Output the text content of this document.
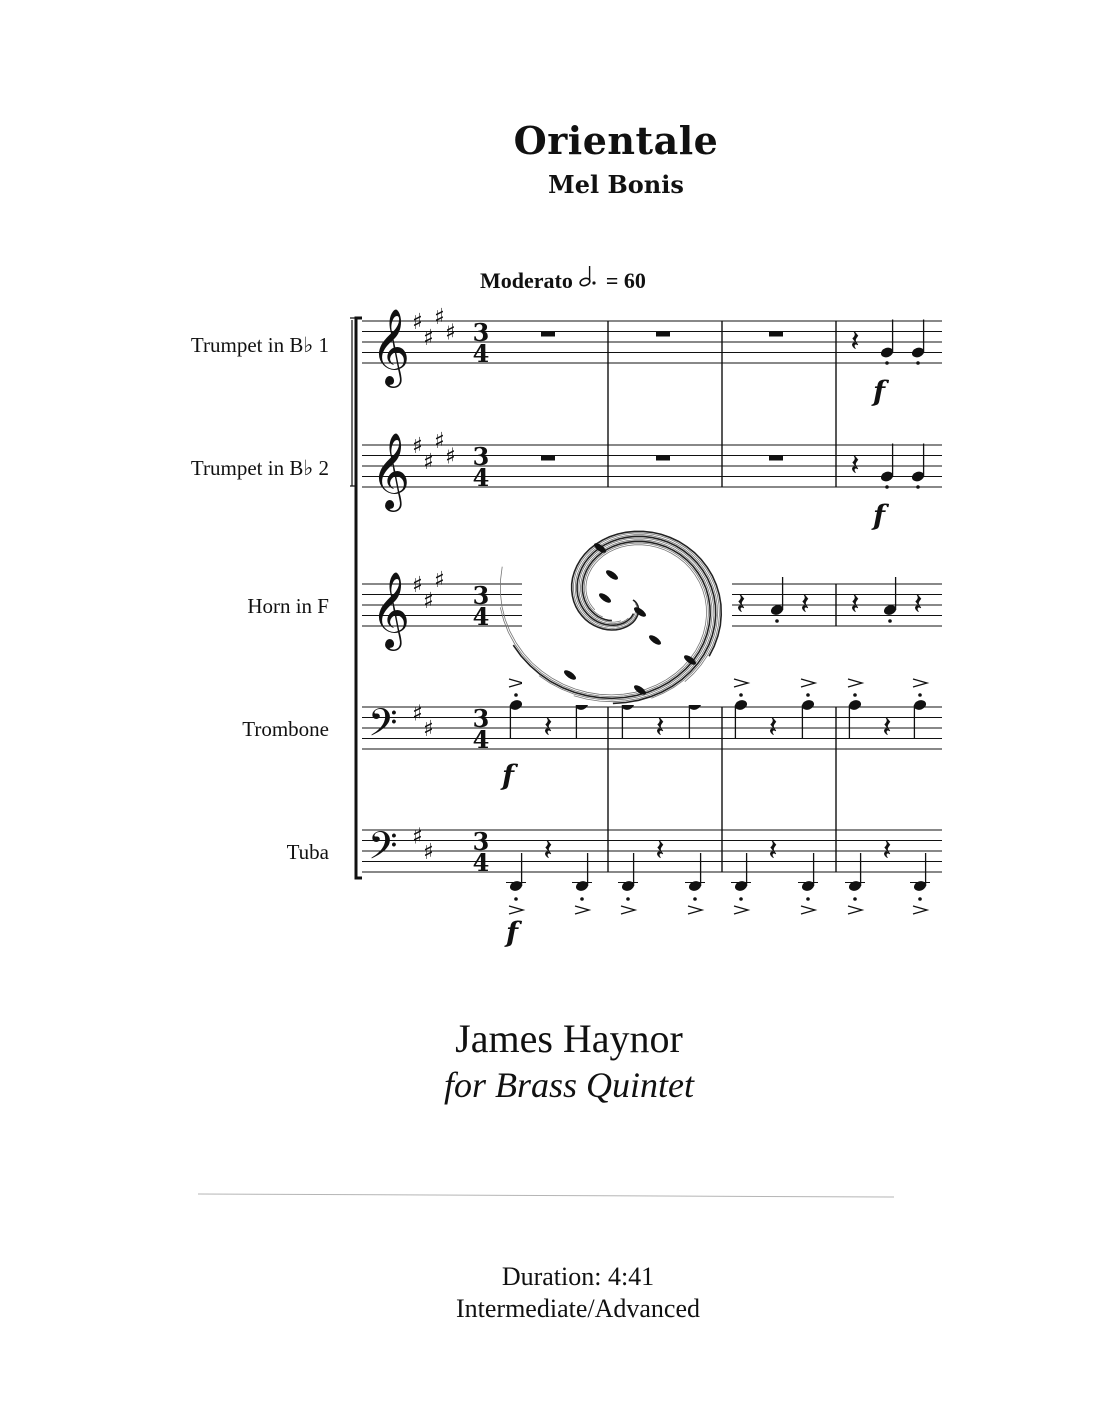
Orientale
Mel Bonis
Moderato = 60
Trumpet in B♭ 1
Trumpet in B♭ 2
Horn in F
Trombone
Tuba
𝄞
𝄞
𝄞
𝄢
𝄢
♯
♯
♯
♯
♯
♯
♯
♯
♯
♯
♯
♯
♯
♯
♯
3
4
3
4
3
4
3
4
3
4
𝄽
f
𝄽
f
𝄽 𝄽 𝄽 𝄽
𝄽	𝄽	𝄽	𝄽
f
𝄽	𝄽	𝄽	𝄽
f
James Haynor
for Brass Quintet
Duration: 4:41
Intermediate/Advanced
